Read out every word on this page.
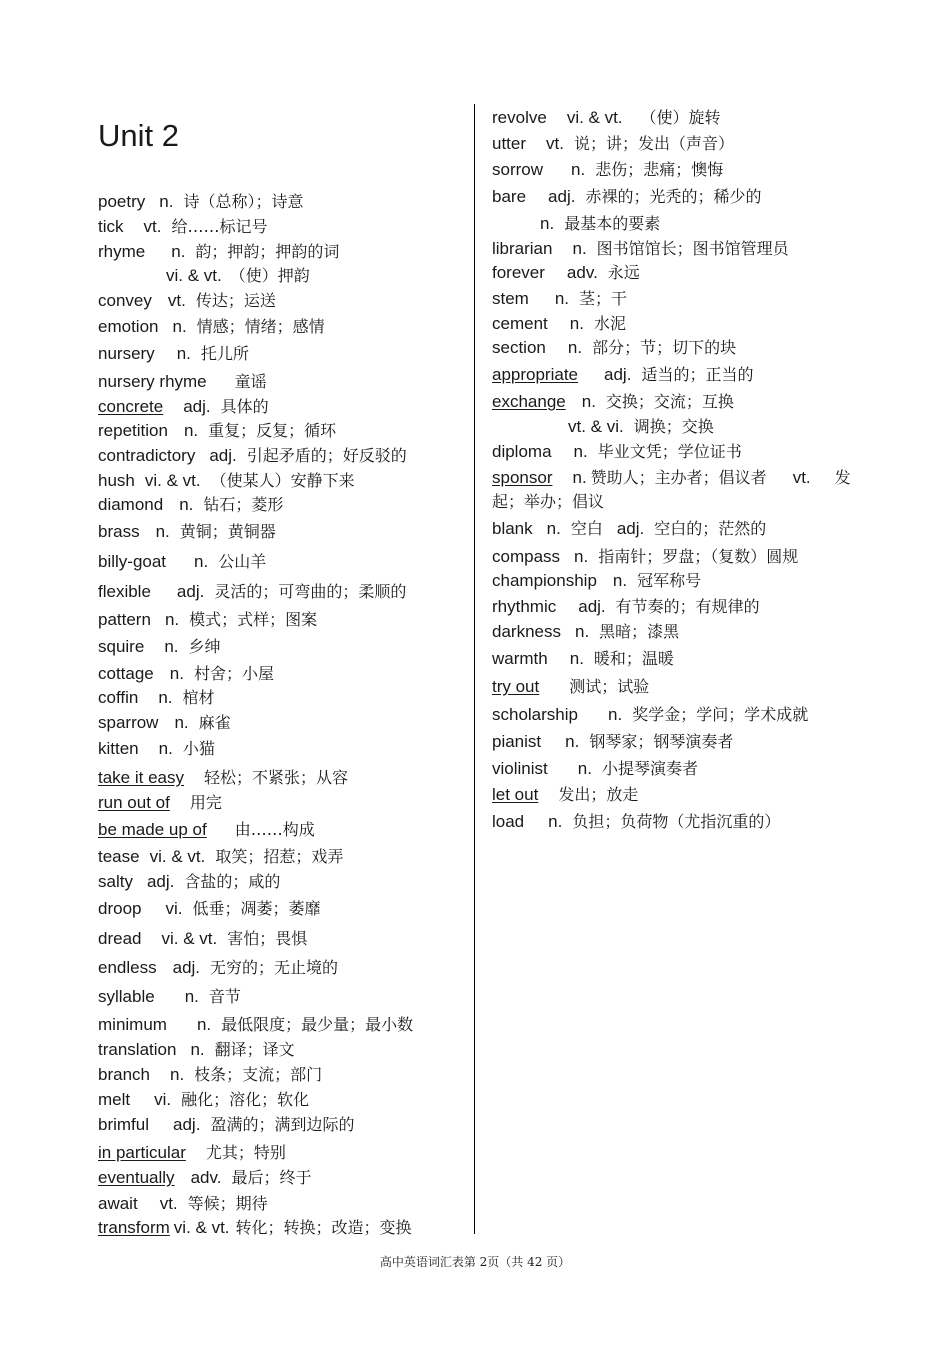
Unit 2
poetry n. 诗（总称）；诗意
tick vt. 给……标记号
rhyme n. 韵；押韵；押韵的词
vi. & vt. （使）押韵
convey vt. 传达；运送
emotion n. 情感；情绪；感情
nursery n. 托儿所
nursery rhyme 童谣
concrete adj. 具体的
repetition n. 重复；反复；循环
contradictory adj. 引起矛盾的；好反驳的
hush vi. & vt. （使某人）安静下来
diamond n. 钻石；菱形
brass n. 黄铜；黄铜器
billy-goat n. 公山羊
flexible adj. 灵活的；可弯曲的；柔顺的
pattern n. 模式；式样；图案
squire n. 乡绅
cottage n. 村舍；小屋
coffin n. 棺材
sparrow n. 麻雀
kitten n. 小猫
take it easy 轻松；不紧张；从容
run out of 用完
be made up of 由……构成
tease vi. & vt. 取笑；招惹；戏弄
salty adj. 含盐的；咸的
droop vi. 低垂；凋萎；萎靡
dread vi. & vt. 害怕；畏惧
endless adj. 无穷的；无止境的
syllable n. 音节
minimum n. 最低限度；最少量；最小数
translation n. 翻译；译文
branch n. 枝条；支流；部门
melt vi. 融化；溶化；软化
brimful adj. 盈满的；满到边际的
in particular 尤其；特别
eventually adv. 最后；终于
await vt. 等候；期待
transform vi. & vt. 转化；转换；改造；变换
revolve vi. & vt. （使）旋转
utter vt. 说；讲；发出（声音）
sorrow n. 悲伤；悲痛；懊悔
bare adj. 赤裸的；光秃的；稀少的
n. 最基本的要素
librarian n. 图书馆馆长；图书馆管理员
forever adv. 永远
stem n. 茎；干
cement n. 水泥
section n. 部分；节；切下的块
appropriate adj. 适当的；正当的
exchange n. 交换；交流；互换
vt. & vi. 调换；交换
diploma n. 毕业文凭；学位证书
sponsor n. 赞助人；主办者；倡议者 vt. 发
起；举办；倡议
blank n. 空白 adj. 空白的；茫然的
compass n. 指南针；罗盘；（复数）圆规
championship n. 冠军称号
rhythmic adj. 有节奏的；有规律的
darkness n. 黑暗；漆黑
warmth n. 暖和；温暖
try out 测试；试验
scholarship n. 奖学金；学问；学术成就
pianist n. 钢琴家；钢琴演奏者
violinist n. 小提琴演奏者
let out 发出；放走
load n. 负担；负荷物（尤指沉重的）
高中英语词汇表第 2页（共 42 页）
